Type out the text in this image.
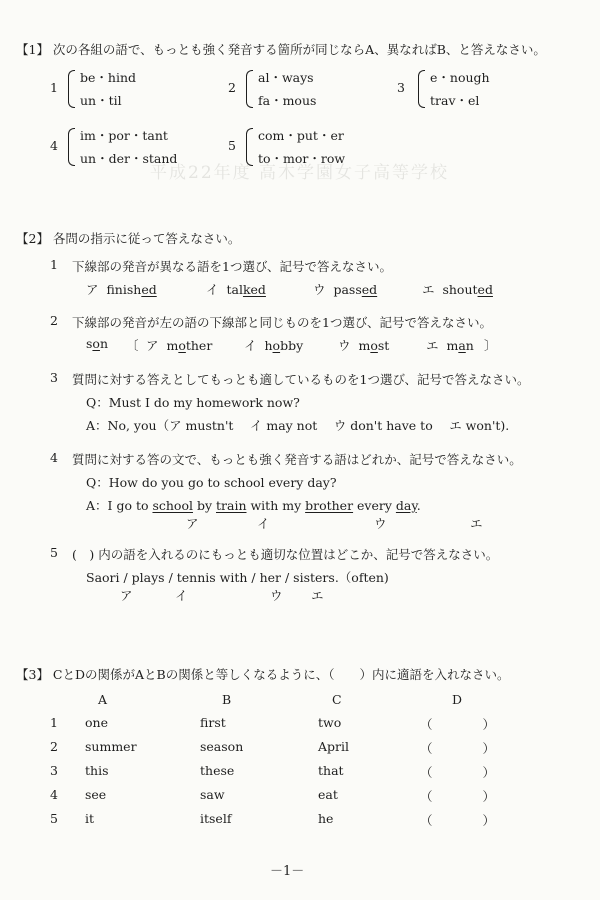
平成22年度 高木学園女子高等学校
【1】 次の各組の語で、もっとも強く発音する箇所が同じならA、異なればB、と答えなさい。
1
be・hind
un・til
2
al・ways
fa・mous
3
e・nough
trav・el
4
im・por・tant
un・der・stand
5
com・put・er
to・mor・row
【2】 各問の指示に従って答えなさい。
1 下線部の発音が異なる語を1つ選び、記号で答えなさい。
ア finished	イ talked	ウ passed	エ shouted
2 下線部の発音が左の語の下線部と同じものを1つ選び、記号で答えなさい。
son 〔 ア mother	イ hobby	ウ most	エ man 〕
3 質問に対する答えとしてもっとも適しているものを1つ選び、記号で答えなさい。
Q：Must I do my homework now?
A：No, you（ア mustn't　 イ may not　 ウ don't have to　 エ won't).
4 質問に対する答の文で、もっとも強く発音する語はどれか、記号で答えなさい。
Q：How do you go to school every day?
A：I go to school by train with my brother every day.
ア	イ	ウ	エ
5 (　) 内の語を入れるのにもっとも適切な位置はどこか、記号で答えなさい。
Saori / plays / tennis with / her / sisters.（often)
ア	イ	ウ エ
【3】 CとDの関係がAとBの関係と等しくなるように、（　　）内に適語を入れなさい。
A	B	C	D
1 one	first	two	（　　　　）
2 summer	season	April	（　　　　）
3 this	these	that	（　　　　）
4 see	saw	eat	（　　　　）
5 it	itself	he	（　　　　）
－1－
